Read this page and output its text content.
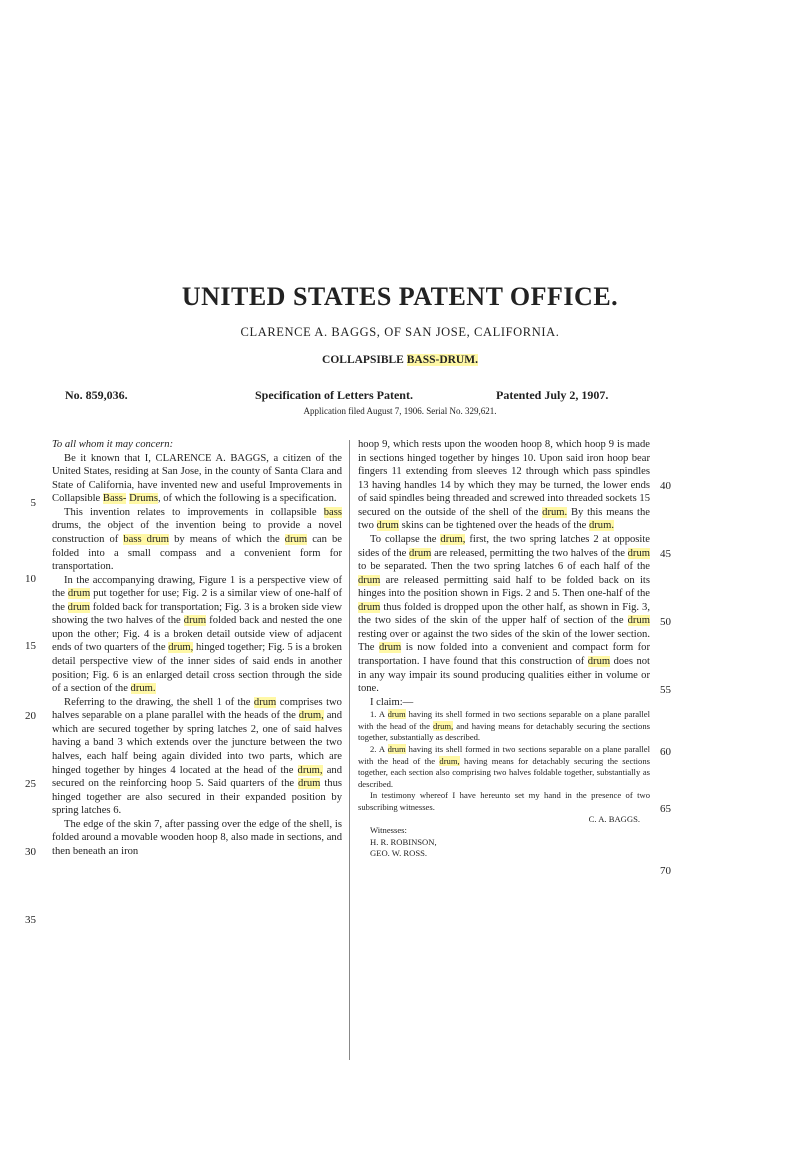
UNITED STATES PATENT OFFICE.
CLARENCE A. BAGGS, OF SAN JOSE, CALIFORNIA.
COLLAPSIBLE BASS-DRUM.
No. 859,036.	Specification of Letters Patent.	Patented July 2, 1907.
Application filed August 7, 1906. Serial No. 329,621.

To all whom it may concern:

Be it known that I, CLARENCE A. BAGGS, a citizen of the United States, residing at San Jose, in the county of Santa Clara and State of California, have invented new and useful Improvements in Collapsible Bass- Drums, of which the following is a specification.

This invention relates to improvements in collapsible bass drums, the object of the invention being to provide a novel construction of bass drum by means of which the drum can be folded into a small compass and a convenient form for transportation.

In the accompanying drawing, Figure 1 is a perspective view of the drum put together for use; Fig. 2 is a similar view of one-half of the drum folded back for transportation; Fig. 3 is a broken side view showing the two halves of the drum folded back and nested the one upon the other; Fig. 4 is a broken detail outside view of adjacent ends of two quarters of the drum, hinged together; Fig. 5 is a broken detail perspective view of the inner sides of said ends in another position; Fig. 6 is an enlarged detail cross section through the side of a section of the drum.

Referring to the drawing, the shell 1 of the drum comprises two halves separable on a plane parallel with the heads of the drum, and which are secured together by spring latches 2, one of said halves having a band 3 which extends over the juncture between the two halves, each half being again divided into two parts, which are hinged together by hinges 4 located at the head of the drum, and secured on the reinforcing hoop 5. Said quarters of the drum thus hinged together are also secured in their expanded position by spring latches 6.

The edge of the skin 7, after passing over the edge of the shell, is folded around a movable wooden hoop 8, also made in sections, and then beneath an iron

hoop 9, which rests upon the wooden hoop 8, which hoop 9 is made in sections hinged together by hinges 10. Upon said iron hoop bear fingers 11 extending from sleeves 12 through which pass spindles 13 having handles 14 by which they may be turned, the lower ends of said spindles being threaded and screwed into threaded sockets 15 secured on the outside of the shell of the drum. By this means the two drum skins can be tightened over the heads of the drum.

To collapse the drum, first, the two spring latches 2 at opposite sides of the drum are released, permitting the two halves of the drum to be separated. Then the two spring latches 6 of each half of the drum are released permitting said half to be folded back on its hinges into the position shown in Figs. 2 and 5. Then one-half of the drum thus folded is dropped upon the other half, as shown in Fig. 3, the two sides of the skin of the upper half of section of the drum resting over or against the two sides of the skin of the lower section. The drum is now folded into a convenient and compact form for transportation. I have found that this construction of drum does not in any way impair its sound producing qualities either in volume or tone.

I claim:—

1. A drum having its shell formed in two sections separable on a plane parallel with the head of the drum, and having means for detachably securing the sections together, substantially as described.

2. A drum having its shell formed in two sections separable on a plane parallel with the head of the drum, having means for detachably securing the sections together, each section also comprising two halves foldable together, substantially as described.

In testimony whereof I have hereunto set my hand in the presence of two subscribing witnesses.

C. A. BAGGS.

Witnesses:

H. R. ROBINSON,

GEO. W. ROSS.

5
10
15
20
25
30
35
40
45
50
55
60
65
70
